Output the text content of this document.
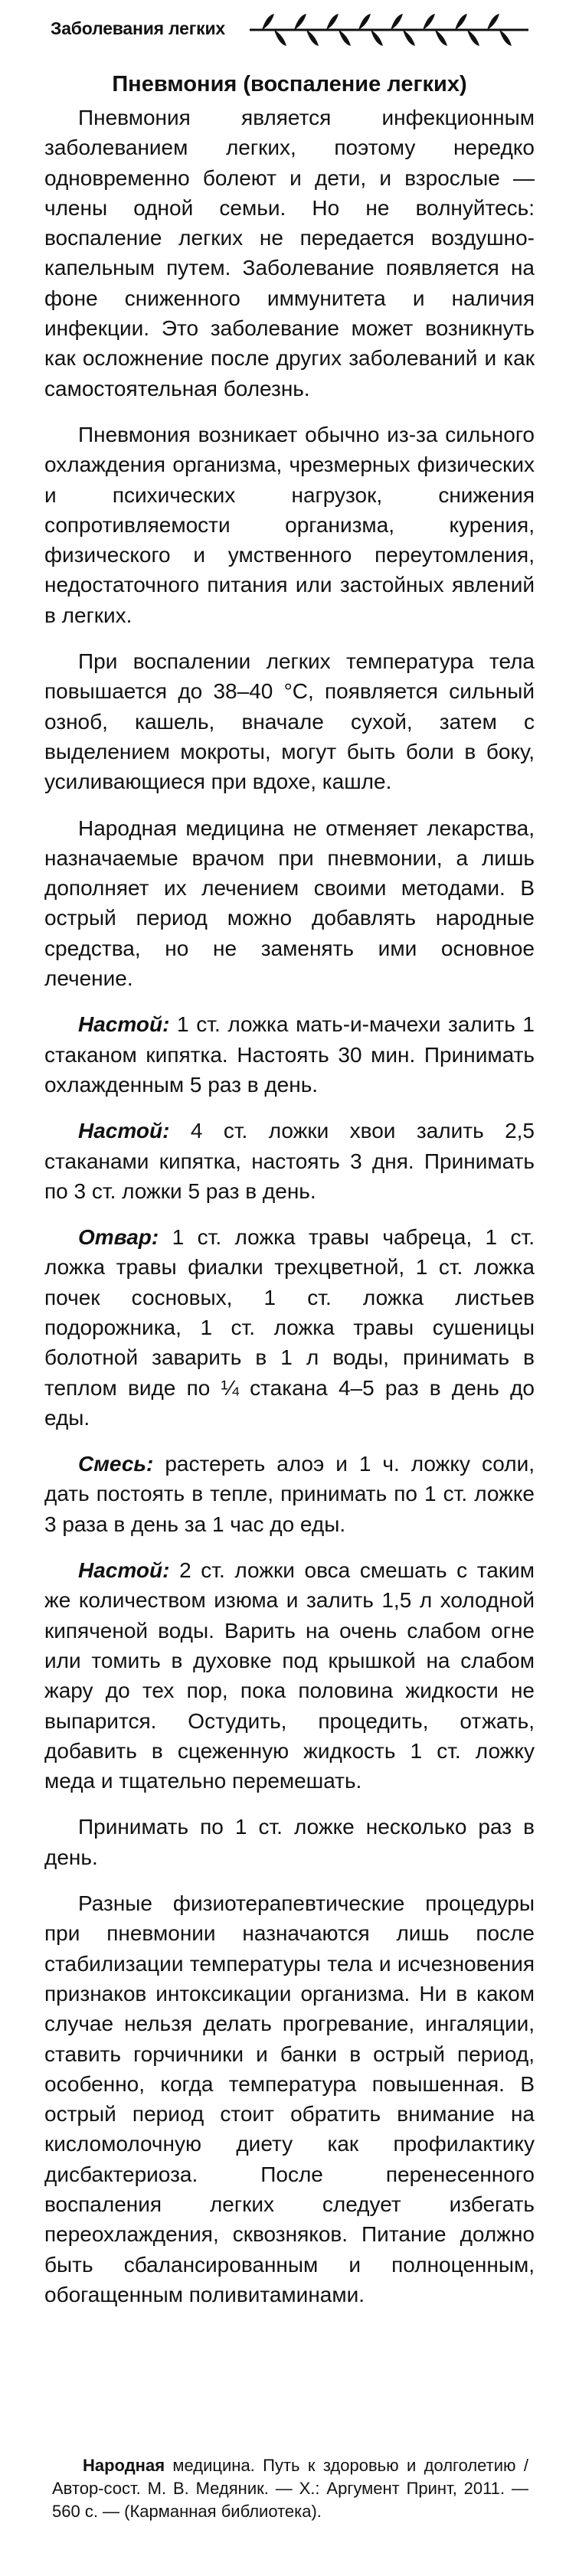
Заболевания легких
Пневмония (воспаление легких)

Пневмония является инфекционным заболеванием легких, поэтому нередко одновременно болеют и дети, и взрослые — члены одной семьи. Но не волнуйтесь: воспаление легких не передается воздушно-капельным путем. Заболевание появляется на фоне сниженного иммунитета и наличия инфекции. Это заболевание может возникнуть как осложнение после других заболеваний и как самостоятельная болезнь.

Пневмония возникает обычно из-за сильного охлаждения организма, чрезмерных физических и психических нагрузок, снижения сопротивляемости организма, курения, физического и умственного переутомления, недостаточного питания или застойных явлений в легких.

При воспалении легких температура тела повышается до 38–40 °C, появляется сильный озноб, кашель, вначале сухой, затем с выделением мокроты, могут быть боли в боку, усиливающиеся при вдохе, кашле.

Народная медицина не отменяет лекарства, назначаемые врачом при пневмонии, а лишь дополняет их лечением своими методами. В острый период можно добавлять народные средства, но не заменять ими основное лечение.

Настой: 1 ст. ложка мать-и-мачехи залить 1 стаканом кипятка. Настоять 30 мин. Принимать охлажденным 5 раз в день.

Настой: 4 ст. ложки хвои залить 2,5 стаканами кипятка, настоять 3 дня. Принимать по 3 ст. ложки 5 раз в день.

Отвар: 1 ст. ложка травы чабреца, 1 ст. ложка травы фиалки трехцветной, 1 ст. ложка почек сосновых, 1 ст. ложка листьев подорожника, 1 ст. ложка травы сушеницы болотной заварить в 1 л воды, принимать в теплом виде по ¼ стакана 4–5 раз в день до еды.

Смесь: растереть алоэ и 1 ч. ложку соли, дать постоять в тепле, принимать по 1 ст. ложке 3 раза в день за 1 час до еды.

Настой: 2 ст. ложки овса смешать с таким же количеством изюма и залить 1,5 л холодной кипяченой воды. Варить на очень слабом огне или томить в духовке под крышкой на слабом жару до тех пор, пока половина жидкости не выпарится. Остудить, процедить, отжать, добавить в сцеженную жидкость 1 ст. ложку меда и тщательно перемешать.

Принимать по 1 ст. ложке несколько раз в день.

Разные физиотерапевтические процедуры при пневмонии назначаются лишь после стабилизации температуры тела и исчезновения признаков интоксикации организма. Ни в каком случае нельзя делать прогревание, ингаляции, ставить горчичники и банки в острый период, особенно, когда температура повышенная. В острый период стоит обратить внимание на кисломолочную диету как профилактику дисбактериоза. После перенесенного воспаления легких следует избегать переохлаждения, сквозняков. Питание должно быть сбалансированным и полноценным, обогащенным поливитаминами.

Народная медицина. Путь к здоровью и долголетию / Автор-сост. М. В. Медяник. — Х.: Аргумент Принт, 2011. — 560 с. — (Карманная библиотека).
